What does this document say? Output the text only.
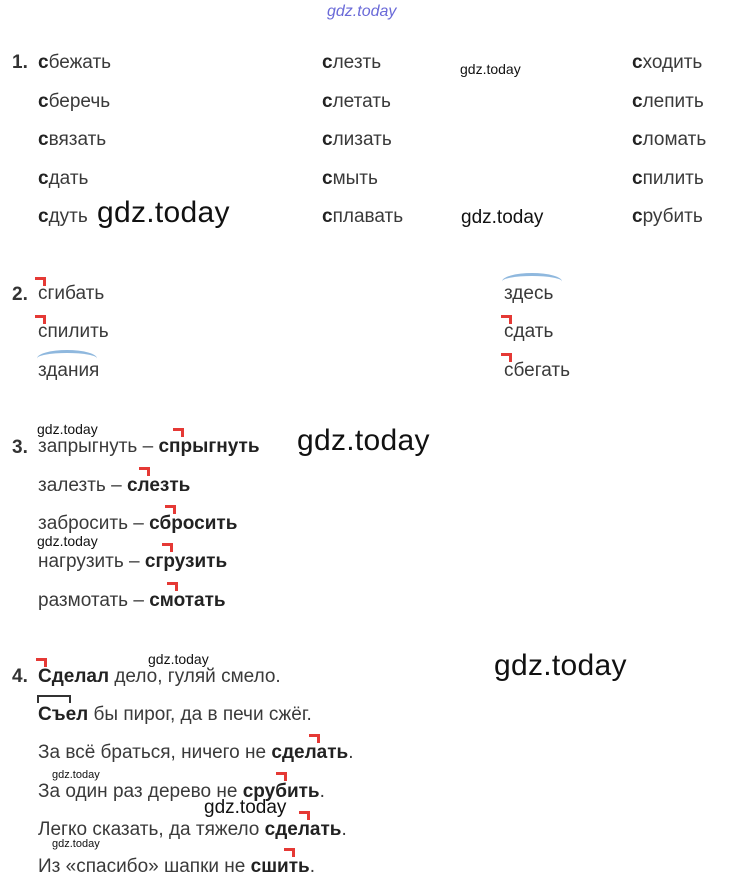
gdz.today
1. сбежать
сберечь
связать
сдать
сдуть
слезть
слетать
слизать
смыть
сплавать
сходить
слепить
сломать
спилить
срубить
gdz.today
gdz.today	gdz.today
2. сгибать
спилить
здания
здесь
сдать
сбегать
3.
gdz.today
запрыгнуть – спрыгнуть gdz.today
залезть – слезть
забросить – сбросить
gdz.today
нагрузить – сгрузить
размотать – смотать
4.
gdz.today	gdz.today
Сделал дело, гуляй смело.
Съел бы пирог, да в печи сжёг.
За всё браться, ничего не сделать.
gdz.today
За один раз дерево не срубить.
gdz.today
Легко сказать, да тяжело сделать.
gdz.today
Из «спасибо» шапки не сшить.
